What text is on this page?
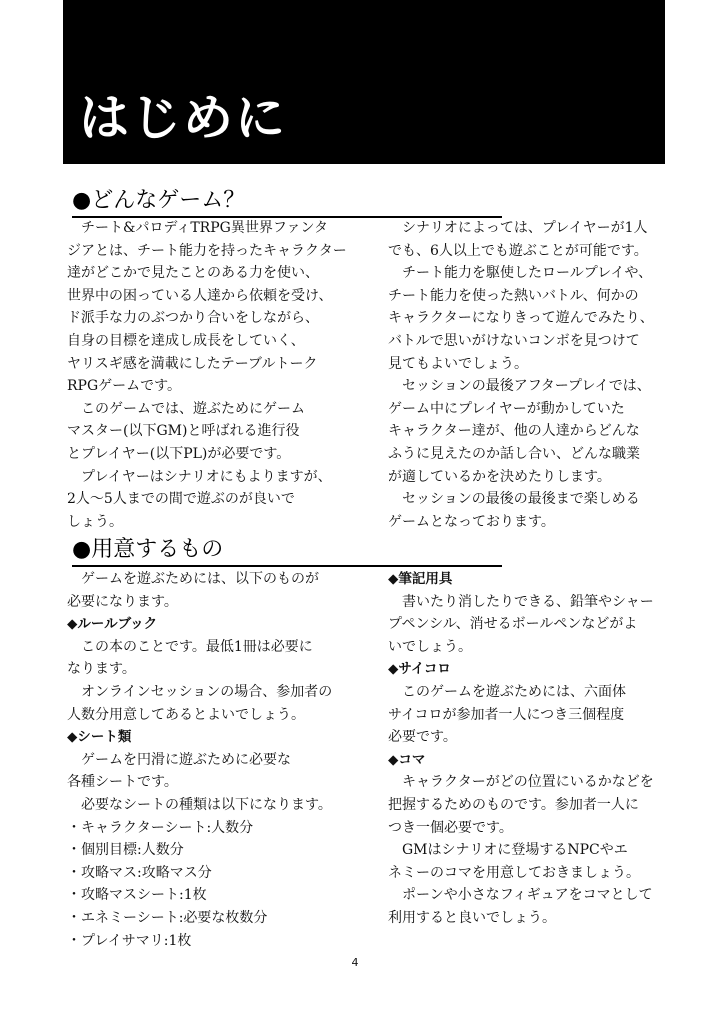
はじめに
●どんなゲーム？

チート&パロディTRPG異世界ファンタ

ジアとは、チート能力を持ったキャラクター

達がどこかで見たことのある力を使い、

世界中の困っている人達から依頼を受け、

ド派手な力のぶつかり合いをしながら、

自身の目標を達成し成長をしていく、

ヤリスギ感を満載にしたテーブルトーク

RPGゲームです。

このゲームでは、遊ぶためにゲーム

マスター(以下GM)と呼ばれる進行役

とプレイヤー(以下PL)が必要です。

プレイヤーはシナリオにもよりますが、

2人〜5人までの間で遊ぶのが良いで

しょう。

シナリオによっては、プレイヤーが1人

でも、6人以上でも遊ぶことが可能です。

チート能力を駆使したロールプレイや、

チート能力を使った熱いバトル、何かの

キャラクターになりきって遊んでみたり、

バトルで思いがけないコンボを見つけて

見てもよいでしょう。

セッションの最後アフタープレイでは、

ゲーム中にプレイヤーが動かしていた

キャラクター達が、他の人達からどんな

ふうに見えたのか話し合い、どんな職業

が適しているかを決めたりします。

セッションの最後の最後まで楽しめる

ゲームとなっております。

●用意するもの

ゲームを遊ぶためには、以下のものが

必要になります。

◆ルールブック

この本のことです。最低1冊は必要に

なります。

オンラインセッションの場合、参加者の

人数分用意してあるとよいでしょう。

◆シート類

ゲームを円滑に遊ぶために必要な

各種シートです。

必要なシートの種類は以下になります。

・キャラクターシート:人数分

・個別目標:人数分

・攻略マス:攻略マス分

・攻略マスシート:1枚

・エネミーシート:必要な枚数分

・プレイサマリ:1枚

◆筆記用具

書いたり消したりできる、鉛筆やシャー

プペンシル、消せるボールペンなどがよ

いでしょう。

◆サイコロ

このゲームを遊ぶためには、六面体

サイコロが参加者一人につき三個程度

必要です。

◆コマ

キャラクターがどの位置にいるかなどを

把握するためのものです。参加者一人に

つき一個必要です。

GMはシナリオに登場するNPCやエ

ネミーのコマを用意しておきましょう。

ポーンや小さなフィギュアをコマとして

利用すると良いでしょう。

4
